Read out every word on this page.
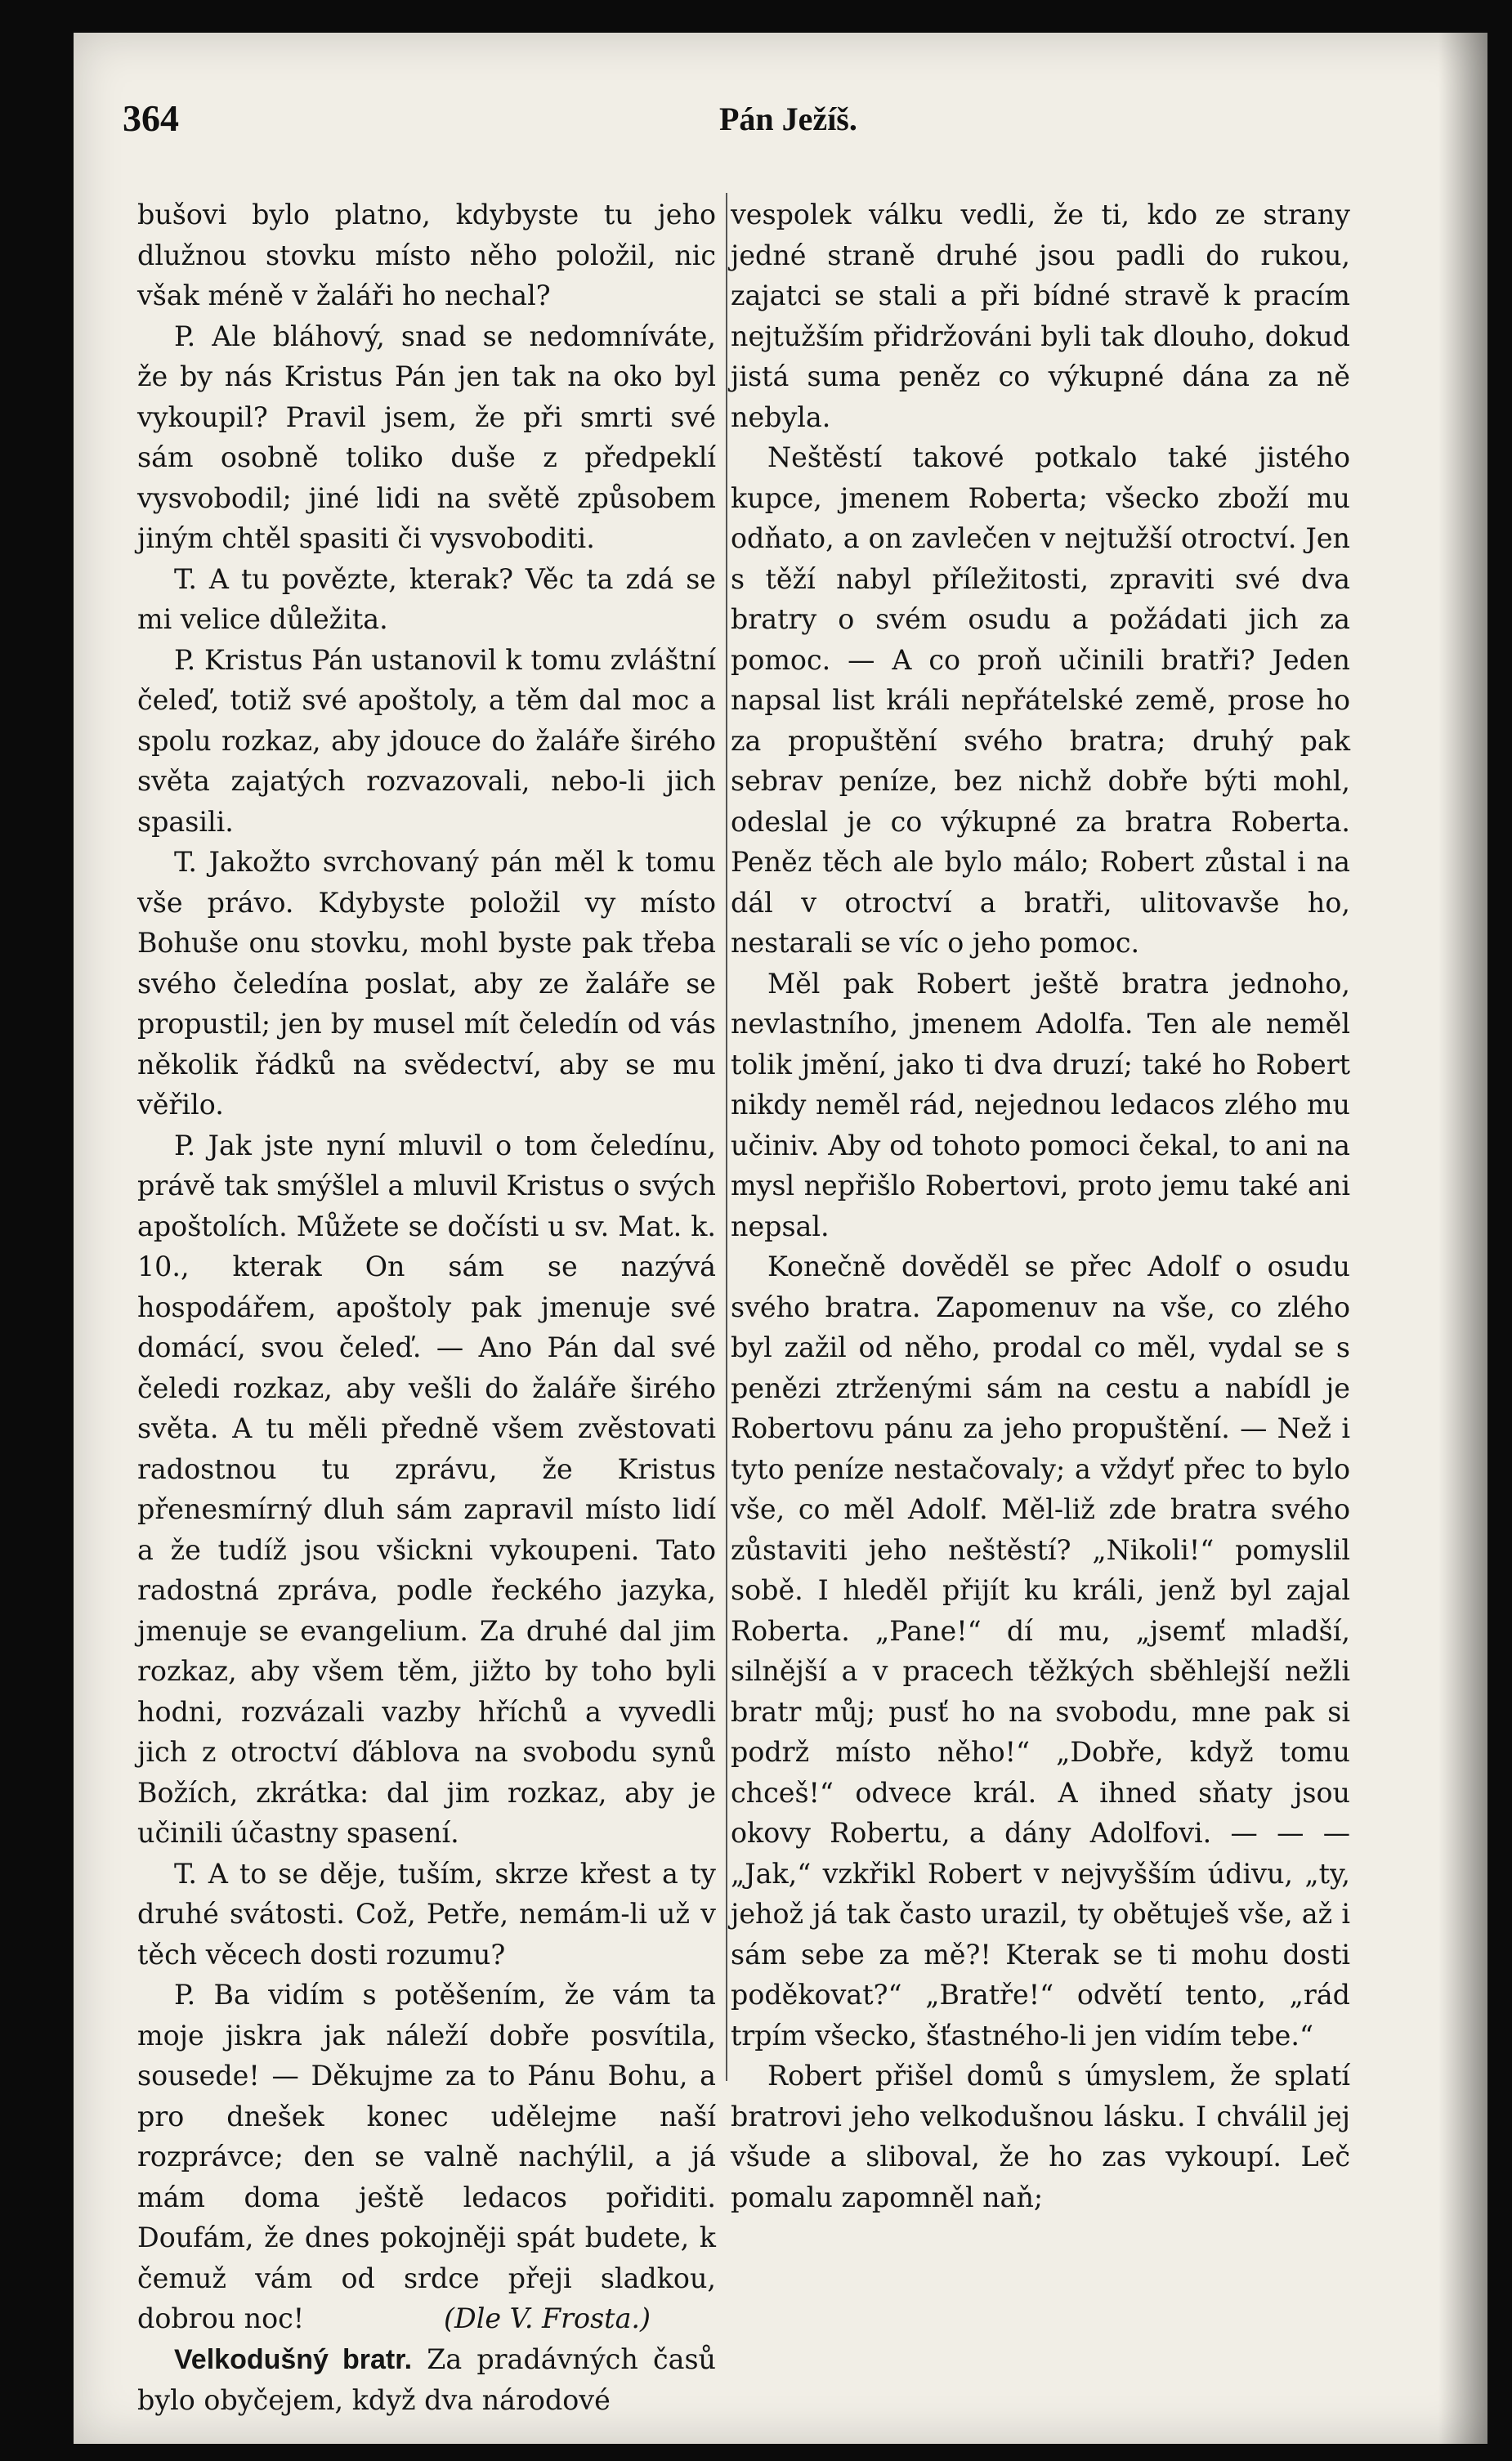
364	Pán Ježíš.

bušovi bylo platno, kdybyste tu jeho dlužnou stovku místo něho položil, nic však méně v žaláři ho nechal?

P. Ale bláhový, snad se nedomníváte, že by nás Kristus Pán jen tak na oko byl vykoupil? Pravil jsem, že při smrti své sám osobně toliko duše z předpeklí vysvobodil; jiné lidi na světě způsobem jiným chtěl spasiti či vysvoboditi.

T. A tu povězte, kterak? Věc ta zdá se mi velice důležita.

P. Kristus Pán ustanovil k tomu zvláštní čeleď, totiž své apoštoly, a těm dal moc a spolu rozkaz, aby jdouce do žaláře širého světa zajatých rozvazovali, nebo-li jich spasili.

T. Jakožto svrchovaný pán měl k tomu vše právo. Kdybyste položil vy místo Bohuše onu stovku, mohl byste pak třeba svého čeledína poslat, aby ze žaláře se propustil; jen by musel mít čeledín od vás několik řádků na svědectví, aby se mu věřilo.

P. Jak jste nyní mluvil o tom čeledínu, právě tak smýšlel a mluvil Kristus o svých apoštolích. Můžete se dočísti u sv. Mat. k. 10., kterak On sám se nazývá hospodářem, apoštoly pak jmenuje své domácí, svou čeleď. — Ano Pán dal své čeledi rozkaz, aby vešli do žaláře širého světa. A tu měli předně všem zvěstovati radostnou tu zprávu, že Kristus přenesmírný dluh sám zapravil místo lidí a že tudíž jsou všickni vykoupeni. Tato radostná zpráva, podle řeckého jazyka, jmenuje se evangelium. Za druhé dal jim rozkaz, aby všem těm, jižto by toho byli hodni, rozvázali vazby hříchů a vyvedli jich z otroctví ďáblova na svobodu synů Božích, zkrátka: dal jim rozkaz, aby je učinili účastny spasení.

T. A to se děje, tuším, skrze křest a ty druhé svátosti. Což, Petře, nemám-li už v těch věcech dosti rozumu?

P. Ba vidím s potěšením, že vám ta moje jiskra jak náleží dobře posvítila, sousede! — Děkujme za to Pánu Bohu, a pro dnešek konec udělejme naší rozprávce; den se valně nachýlil, a já mám doma ještě ledacos pořiditi. Doufám, že dnes pokojněji spát budete, k čemuž vám od srdce přeji sladkou, dobrou noc!	(Dle V. Frosta.)

Velkodušný bratr. Za pradávných časů bylo obyčejem, když dva národové

vespolek válku vedli, že ti, kdo ze strany jedné straně druhé jsou padli do rukou, zajatci se stali a při bídné stravě k pracím nejtužším přidržováni byli tak dlouho, dokud jistá suma peněz co výkupné dána za ně nebyla.

Neštěstí takové potkalo také jistého kupce, jmenem Roberta; všecko zboží mu odňato, a on zavlečen v nejtužší otroctví. Jen s těží nabyl příležitosti, zpraviti své dva bratry o svém osudu a požádati jich za pomoc. — A co proň učinili bratři? Jeden napsal list králi nepřátelské země, prose ho za propuštění svého bratra; druhý pak sebrav peníze, bez nichž dobře býti mohl, odeslal je co výkupné za bratra Roberta. Peněz těch ale bylo málo; Robert zůstal i na dál v otroctví a bratři, ulitovavše ho, nestarali se víc o jeho pomoc.

Měl pak Robert ještě bratra jednoho, nevlastního, jmenem Adolfa. Ten ale neměl tolik jmění, jako ti dva druzí; také ho Robert nikdy neměl rád, nejednou ledacos zlého mu učiniv. Aby od tohoto pomoci čekal, to ani na mysl nepřišlo Robertovi, proto jemu také ani nepsal.

Konečně dověděl se přec Adolf o osudu svého bratra. Zapomenuv na vše, co zlého byl zažil od něho, prodal co měl, vydal se s penězi ztrženými sám na cestu a nabídl je Robertovu pánu za jeho propuštění. — Než i tyto peníze nestačovaly; a vždyť přec to bylo vše, co měl Adolf. Měl-liž zde bratra svého zůstaviti jeho neštěstí? „Nikoli!“ pomyslil sobě. I hleděl přijít ku králi, jenž byl zajal Roberta. „Pane!“ dí mu, „jsemť mladší, silnější a v pracech těžkých sběhlejší nežli bratr můj; pusť ho na svobodu, mne pak si podrž místo něho!“ „Dobře, když tomu chceš!“ odvece král. A ihned sňaty jsou okovy Robertu, a dány Adolfovi. — — — „Jak,“ vzkřikl Robert v nejvyšším údivu, „ty, jehož já tak často urazil, ty obětuješ vše, až i sám sebe za mě?! Kterak se ti mohu dosti poděkovat?“ „Bratře!“ odvětí tento, „rád trpím všecko, šťastného-li jen vidím tebe.“

Robert přišel domů s úmyslem, že splatí bratrovi jeho velkodušnou lásku. I chválil jej všude a sliboval, že ho zas vykoupí. Leč pomalu zapomněl naň;
